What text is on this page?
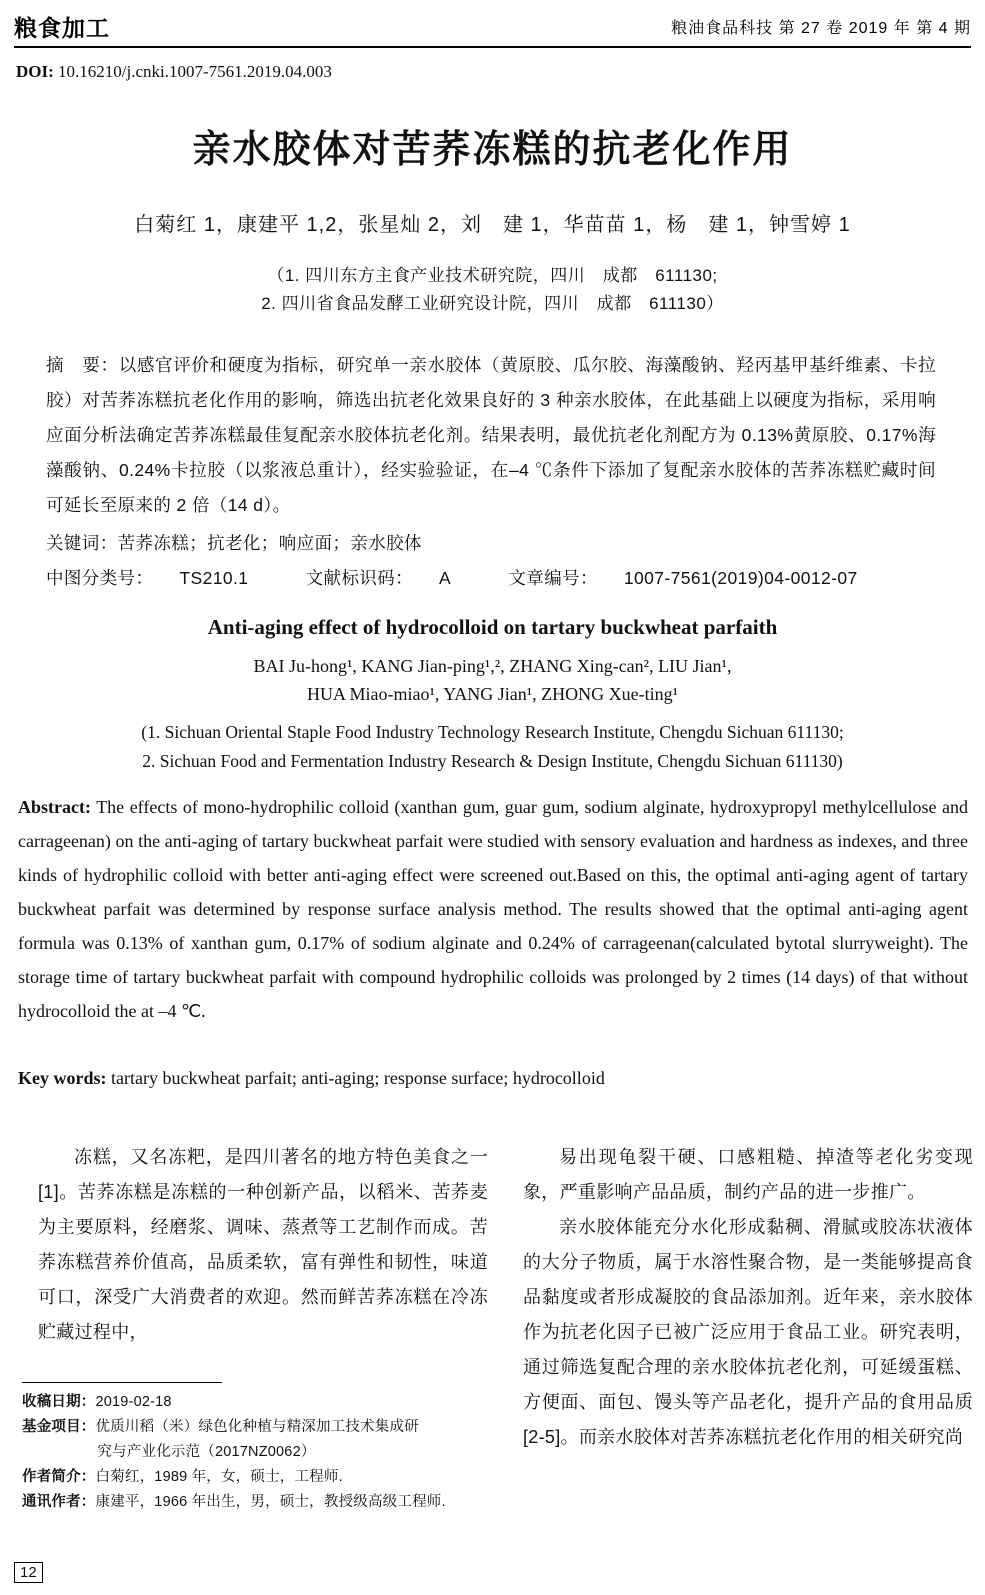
粮食加工	粮油食品科技 第 27 卷 2019 年 第 4 期
DOI: 10.16210/j.cnki.1007-7561.2019.04.003
亲水胶体对苦荞冻糕的抗老化作用
白菊红 1，康建平 1,2，张星灿 2，刘　建 1，华苗苗 1，杨　建 1，钟雪婷 1
（1. 四川东方主食产业技术研究院，四川　成都　611130;
2. 四川省食品发酵工业研究设计院，四川　成都　611130）
摘　要：以感官评价和硬度为指标，研究单一亲水胶体（黄原胶、瓜尔胶、海藻酸钠、羟丙基甲基纤维素、卡拉胶）对苦荞冻糕抗老化作用的影响，筛选出抗老化效果良好的 3 种亲水胶体，在此基础上以硬度为指标，采用响应面分析法确定苦荞冻糕最佳复配亲水胶体抗老化剂。结果表明，最优抗老化剂配方为 0.13%黄原胶、0.17%海藻酸钠、0.24%卡拉胶（以浆液总重计），经实验验证，在–4 ℃条件下添加了复配亲水胶体的苦荞冻糕贮藏时间可延长至原来的 2 倍（14 d）。
关键词：苦荞冻糕；抗老化；响应面；亲水胶体
中图分类号： TS210.1	文献标识码： A	文章编号： 1007-7561(2019)04-0012-07
Anti-aging effect of hydrocolloid on tartary buckwheat parfaith
BAI Ju-hong¹, KANG Jian-ping¹,², ZHANG Xing-can², LIU Jian¹,
HUA Miao-miao¹, YANG Jian¹, ZHONG Xue-ting¹
(1. Sichuan Oriental Staple Food Industry Technology Research Institute, Chengdu Sichuan 611130;
2. Sichuan Food and Fermentation Industry Research & Design Institute, Chengdu Sichuan 611130)
Abstract: The effects of mono-hydrophilic colloid (xanthan gum, guar gum, sodium alginate, hydroxypropyl methylcellulose and carrageenan) on the anti-aging of tartary buckwheat parfait were studied with sensory evaluation and hardness as indexes, and three kinds of hydrophilic colloid with better anti-aging effect were screened out.Based on this, the optimal anti-aging agent of tartary buckwheat parfait was determined by response surface analysis method. The results showed that the optimal anti-aging agent formula was 0.13% of xanthan gum, 0.17% of sodium alginate and 0.24% of carrageenan(calculated bytotal slurryweight). The storage time of tartary buckwheat parfait with compound hydrophilic colloids was prolonged by 2 times (14 days) of that without hydrocolloid the at –4 ℃.
Key words: tartary buckwheat parfait; anti-aging; response surface; hydrocolloid

冻糕，又名冻粑，是四川著名的地方特色美食之一[1]。苦荞冻糕是冻糕的一种创新产品，以稻米、苦荞麦为主要原料，经磨浆、调味、蒸煮等工艺制作而成。苦荞冻糕营养价值高，品质柔软，富有弹性和韧性，味道可口，深受广大消费者的欢迎。然而鲜苦荞冻糕在冷冻贮藏过程中，

易出现龟裂干硬、口感粗糙、掉渣等老化劣变现象，严重影响产品品质，制约产品的进一步推广。

亲水胶体能充分水化形成黏稠、滑腻或胶冻状液体的大分子物质，属于水溶性聚合物，是一类能够提高食品黏度或者形成凝胶的食品添加剂。近年来，亲水胶体作为抗老化因子已被广泛应用于食品工业。研究表明，通过筛选复配合理的亲水胶体抗老化剂，可延缓蛋糕、方便面、面包、馒头等产品老化，提升产品的食用品质[2-5]。而亲水胶体对苦荞冻糕抗老化作用的相关研究尚

收稿日期：2019-02-18
基金项目：优质川稻（米）绿色化种植与精深加工技术集成研
究与产业化示范（2017NZ0062）
作者简介：白菊红，1989 年，女，硕士，工程师.
通讯作者：康建平，1966 年出生，男，硕士，教授级高级工程师.
12
